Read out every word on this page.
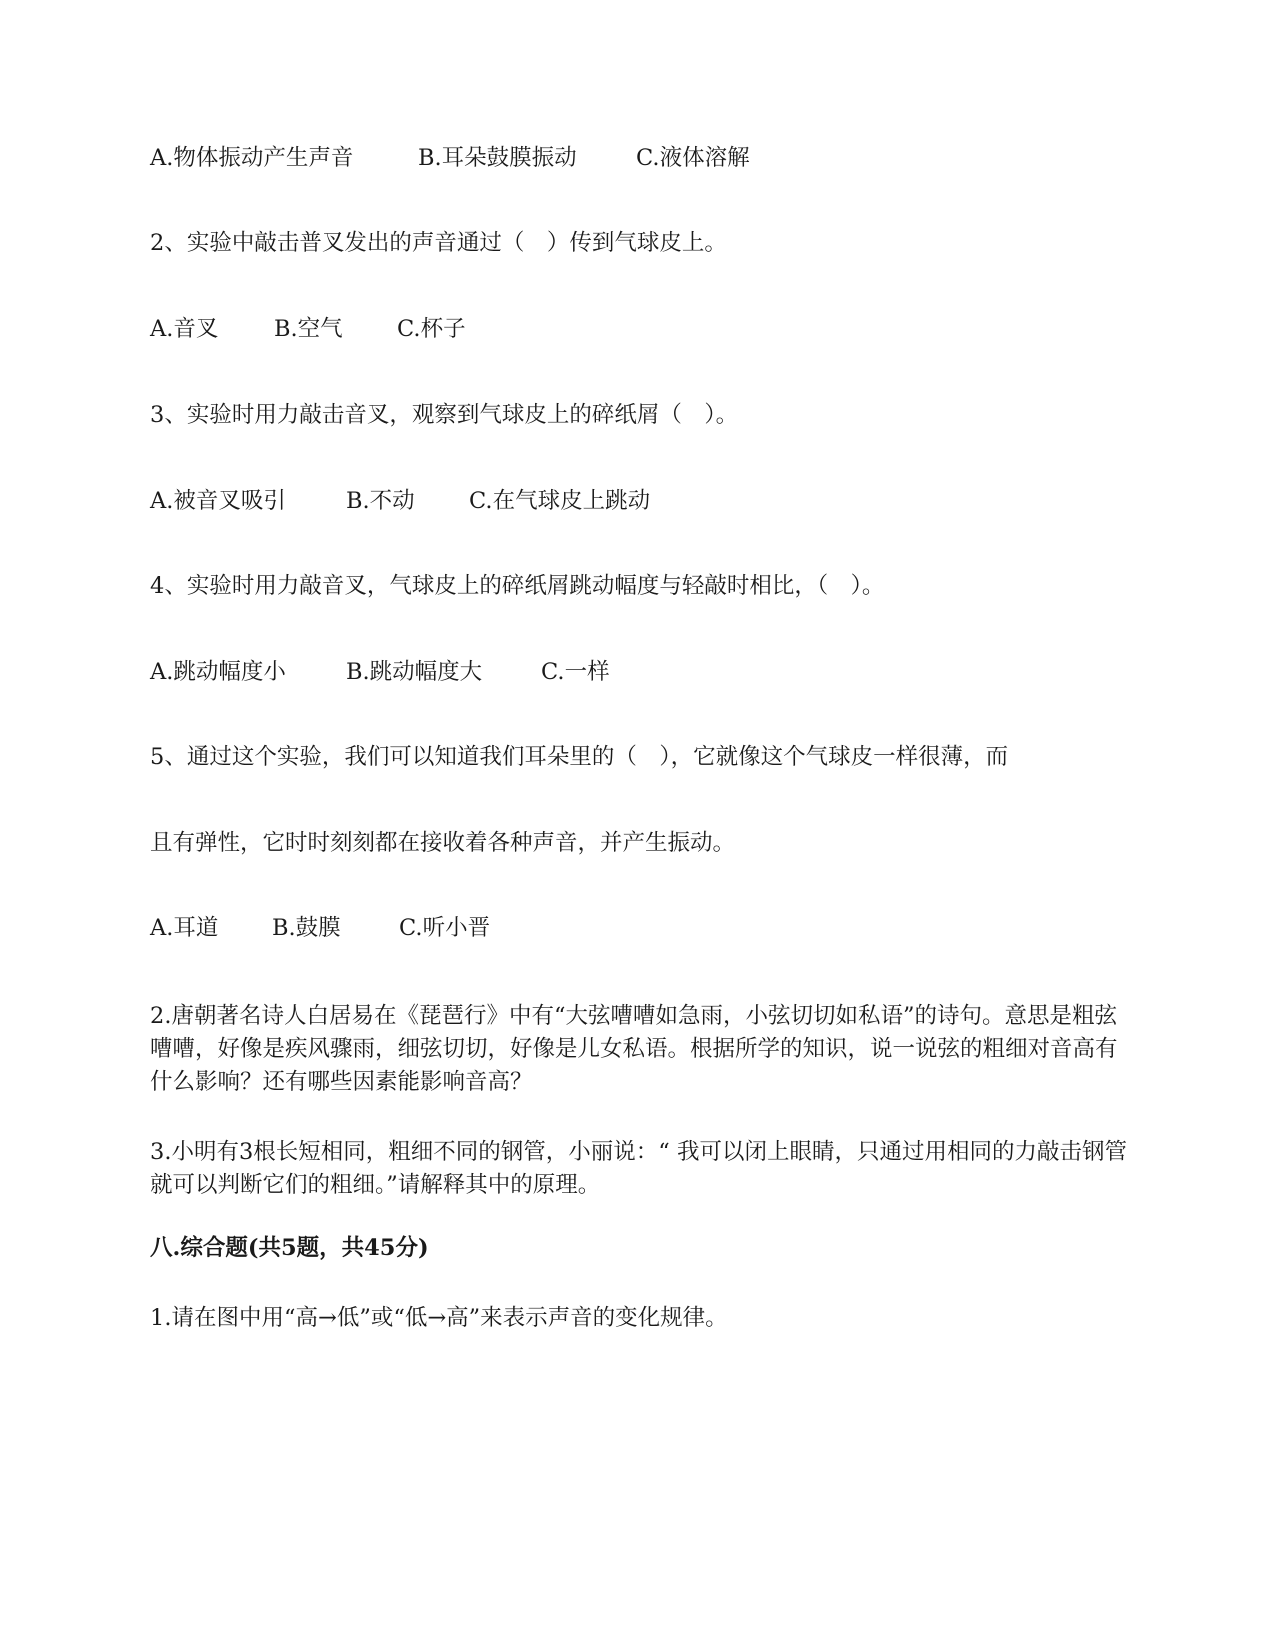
A.物体振动产生声音	B.耳朵鼓膜振动	C.液体溶解
2、实验中敲击普叉发出的声音通过（　）传到气球皮上。
A.音叉 B.空气 C.杯子
3、实验时用力敲击音叉，观察到气球皮上的碎纸屑（　）。
A.被音叉吸引	B.不动 C.在气球皮上跳动
4、实验时用力敲音叉，气球皮上的碎纸屑跳动幅度与轻敲时相比，（　）。
A.跳动幅度小	B.跳动幅度大	C.一样
5、通过这个实验，我们可以知道我们耳朵里的（　），它就像这个气球皮一样很薄，而
且有弹性，它时时刻刻都在接收着各种声音，并产生振动。
A.耳道 B.鼓膜	C.听小晋

2.唐朝著名诗人白居易在《琵琶行》中有“大弦嘈嘈如急雨，小弦切切如私语”的诗句。意思是粗弦嘈嘈，好像是疾风骤雨，细弦切切，好像是儿女私语。根据所学的知识，说一说弦的粗细对音高有什么影响？还有哪些因素能影响音高？

3.小明有3根长短相同，粗细不同的钢管，小丽说：“ 我可以闭上眼睛，只通过用相同的力敲击钢管就可以判断它们的粗细。”请解释其中的原理。

八.综合题(共5题，共45分)
1.请在图中用“高→低”或“低→高”来表示声音的变化规律。
